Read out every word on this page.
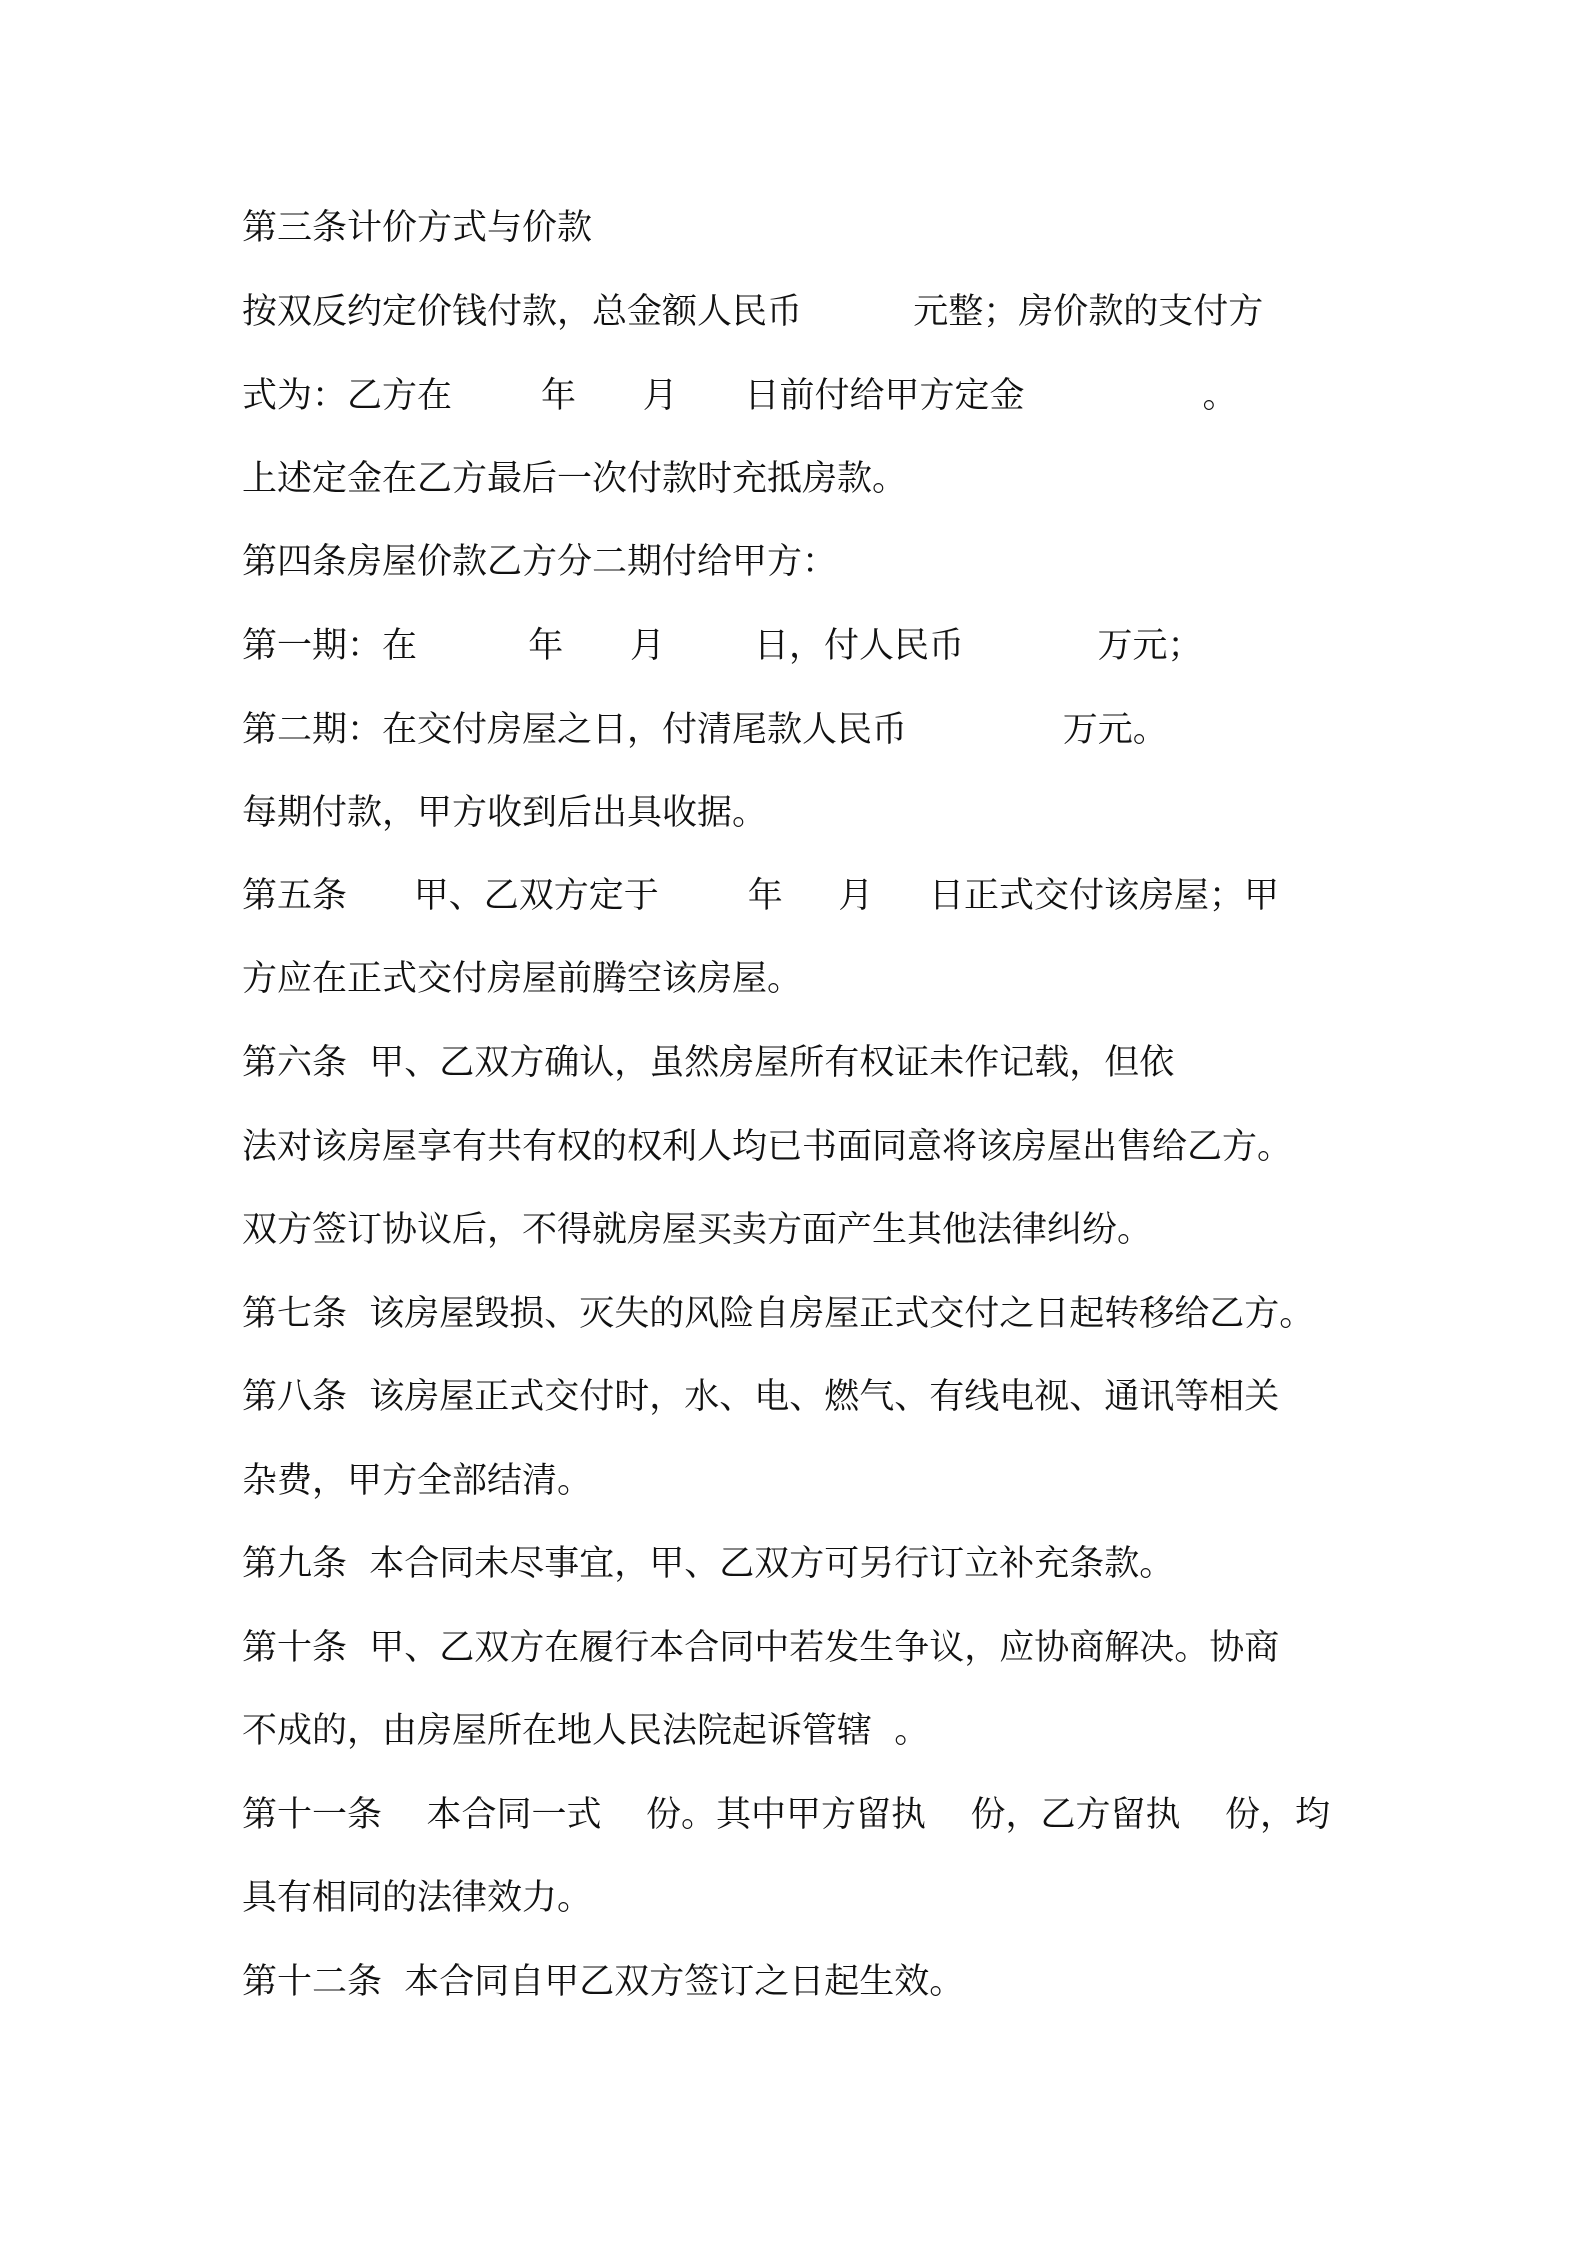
第三条计价方式与价款
按双反约定价钱付款，总金额人民币          元整；房价款的支付方
式为：乙方在        年      月      日前付给甲方定金                。
上述定金在乙方最后一次付款时充抵房款。
第四条房屋价款乙方分二期付给甲方：
第一期：在          年      月        日，付人民币            万元；
第二期：在交付房屋之日，付清尾款人民币              万元。
每期付款，甲方收到后出具收据。
第五条      甲、乙双方定于        年     月     日正式交付该房屋；甲
方应在正式交付房屋前腾空该房屋。
第六条  甲、乙双方确认，虽然房屋所有权证未作记载，但依
法对该房屋享有共有权的权利人均已书面同意将该房屋出售给乙方。
双方签订协议后，不得就房屋买卖方面产生其他法律纠纷。
第七条  该房屋毁损、灭失的风险自房屋正式交付之日起转移给乙方。
第八条  该房屋正式交付时，水、电、燃气、有线电视、通讯等相关
杂费，甲方全部结清。
第九条  本合同未尽事宜，甲、乙双方可另行订立补充条款。
第十条  甲、乙双方在履行本合同中若发生争议，应协商解决。协商
不成的，由房屋所在地人民法院起诉管辖  。
第十一条    本合同一式    份。其中甲方留执    份，乙方留执    份，均
具有相同的法律效力。
第十二条  本合同自甲乙双方签订之日起生效。
